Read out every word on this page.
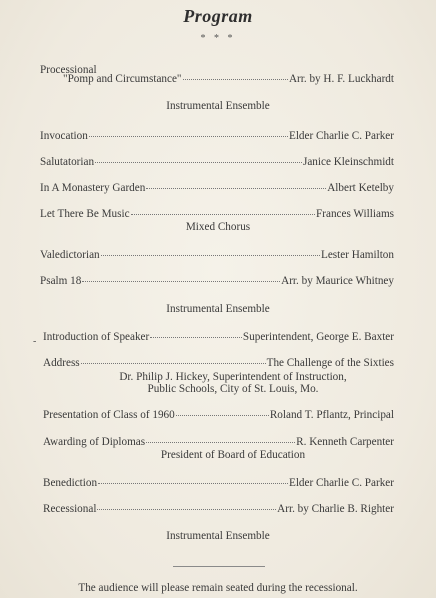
Program
* * *
Processional
"Pomp and Circumstance"	Arr. by H. F. Luckhardt
Instrumental Ensemble
Invocation	Elder Charlie C. Parker
Salutatorian	Janice Kleinschmidt
In A Monastery Garden	Albert Ketelby
Let There Be Music	Frances Williams
Mixed Chorus
Valedictorian	Lester Hamilton
Psalm 18	Arr. by Maurice Whitney
Instrumental Ensemble
- Introduction of Speaker	Superintendent, George E. Baxter
Address	The Challenge of the Sixties
Dr. Philip J. Hickey, Superintendent of Instruction,
Public Schools, City of St. Louis, Mo.
Presentation of Class of 1960	Roland T. Pflantz, Principal
Awarding of Diplomas	R. Kenneth Carpenter
President of Board of Education
Benediction	Elder Charlie C. Parker
Recessional	Arr. by Charlie B. Righter
Instrumental Ensemble
The audience will please remain seated during the recessional.
